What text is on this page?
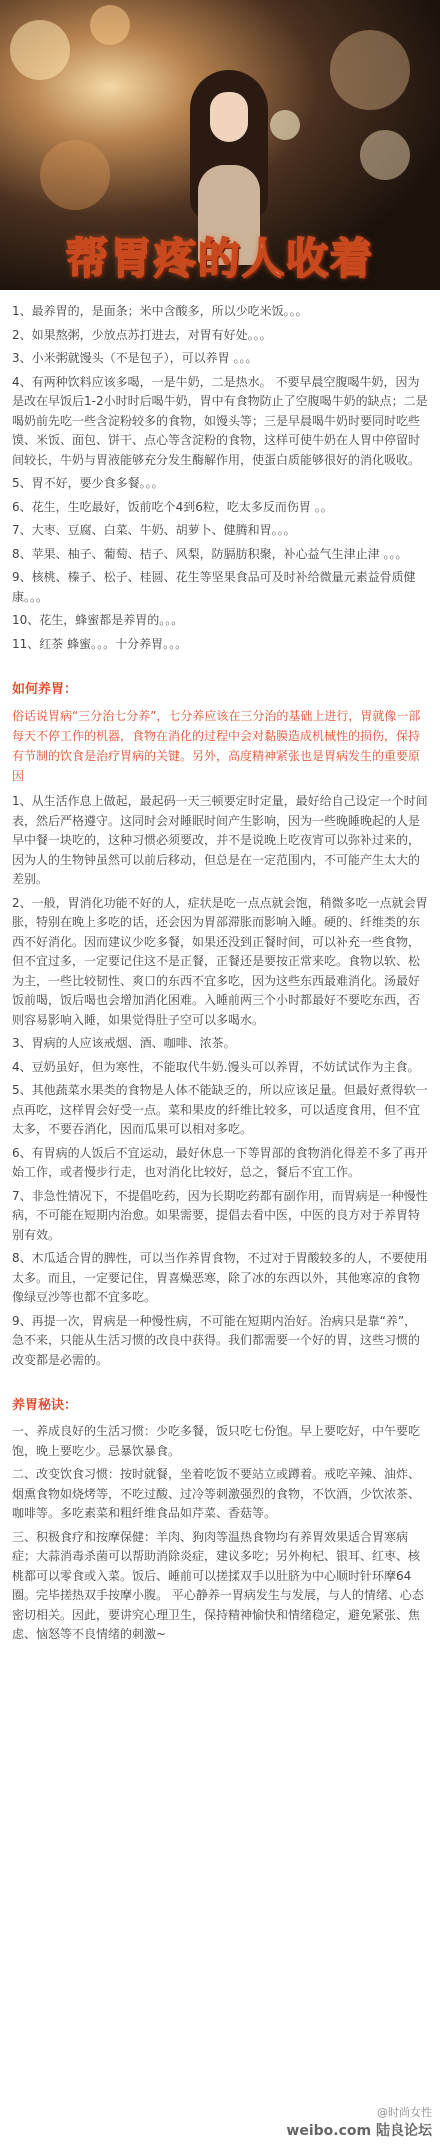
帮胃疼的人收着

1、最养胃的，是面条；米中含酸多，所以少吃米饭。。。

2、如果熬粥，少放点苏打进去，对胃有好处。。。

3、小米粥就馒头（不是包子），可以养胃 。。。

4、有两种饮料应该多喝，一是牛奶，二是热水。 不要早晨空腹喝牛奶，因为是改在早饭后1-2小时时后喝牛奶，胃中有食物防止了空腹喝牛奶的缺点；二是喝奶前先吃一些含淀粉较多的食物，如馒头等；三是早晨喝牛奶时要同时吃些馍、米饭、面包、饼干、点心等含淀粉的食物，这样可使牛奶在人胃中停留时间较长，牛奶与胃液能够充分发生酶解作用，使蛋白质能够很好的消化吸收。

5、胃不好，要少食多餐。。。

6、花生，生吃最好，饭前吃个4到6粒，吃太多反而伤胃 。。

7、大枣、豆腐、白菜、牛奶、胡萝卜、健腾和胃。。。

8、苹果、柚子、葡萄、桔子、风梨，防膈肪积聚，补心益气生津止津 。。。

9、核桃、榛子、松子、桂圆、花生等坚果食品可及时补给微量元素益骨质健康。。。

10、花生，蜂蜜都是养胃的。。。

11、红茶 蜂蜜。。。十分养胃。。。

如何养胃：

俗话说胃病“三分治七分养”，七分养应该在三分治的基础上进行，胃就像一部每天不停工作的机器，食物在消化的过程中会对黏膜造成机械性的损伤，保持有节制的饮食是治疗胃病的关键。另外，高度精神紧张也是胃病发生的重要原因

1、从生活作息上做起，最起码一天三顿要定时定量，最好给自己设定一个时间表，然后严格遵守。这同时会对睡眠时间产生影响，因为一些晚睡晚起的人是早中餐一块吃的，这种习惯必须要改，并不是说晚上吃夜宵可以弥补过来的，因为人的生物钟虽然可以前后移动，但总是在一定范围内，不可能产生太大的差别。

2、一般，胃消化功能不好的人，症状是吃一点点就会饱，稍微多吃一点就会胃胀，特别在晚上多吃的话，还会因为胃部滞胀而影响入睡。硬的、纤维类的东西不好消化。因而建议少吃多餐，如果还没到正餐时间，可以补充一些食物，但不宜过多，一定要记住这不是正餐，正餐还是要按正常来吃。食物以软、松为主，一些比较韧性、爽口的东西不宜多吃，因为这些东西最难消化。汤最好饭前喝，饭后喝也会增加消化困难。入睡前两三个小时都最好不要吃东西，否则容易影响入睡，如果觉得肚子空可以多喝水。

3、胃病的人应该戒烟、酒、咖啡、浓茶。

4、豆奶虽好，但为寒性，不能取代牛奶.馒头可以养胃，不妨试试作为主食。

5、其他蔬菜水果类的食物是人体不能缺乏的，所以应该足量。但最好煮得软一点再吃，这样胃会好受一点。菜和果皮的纤维比较多，可以适度食用，但不宜太多，不要吞消化，因而瓜果可以相对多吃。

6、有胃病的人饭后不宜运动，最好休息一下等胃部的食物消化得差不多了再开始工作，或者慢步行走，也对消化比较好，总之，餐后不宜工作。

7、非急性情况下，不提倡吃药，因为长期吃药都有副作用，而胃病是一种慢性病，不可能在短期内治愈。如果需要，提倡去看中医，中医的良方对于养胃特别有效。

8、木瓜适合胃的脾性，可以当作养胃食物，不过对于胃酸较多的人，不要使用太多。而且，一定要记住，胃喜燥恶寒，除了冰的东西以外，其他寒凉的食物像绿豆沙等也都不宜多吃。

9、再提一次，胃病是一种慢性病，不可能在短期内治好。治病只是靠“养”，急不来，只能从生活习惯的改良中获得。我们都需要一个好的胃，这些习惯的改变都是必需的。

养胃秘诀：

一、养成良好的生活习惯：少吃多餐，饭只吃七份饱。早上要吃好，中午要吃饱，晚上要吃少。忌暴饮暴食。

二、改变饮食习惯：按时就餐，坐着吃饭不要站立或蹲着。戒吃辛辣、油炸、烟熏食物如烧烤等，不吃过酸、过冷等刺激强烈的食物，不饮酒，少饮浓茶、咖啡等。多吃素菜和粗纤维食品如芹菜、香菇等。

三、积极食疗和按摩保健：羊肉、狗肉等温热食物均有养胃效果适合胃寒病症；大蒜消毒杀菌可以帮助消除炎症，建议多吃；另外枸杞、银耳、红枣、核桃都可以零食或入菜。饭后、睡前可以搓揉双手以肚脐为中心顺时针环摩64圈。完毕搓热双手按摩小腹。 平心静养一胃病发生与发展，与人的情绪、心态密切相关。因此，要讲究心理卫生，保持精神愉快和情绪稳定，避免紧张、焦虑、恼怒等不良情绪的刺激~

@时尚女性
weibo.com 陆良论坛
